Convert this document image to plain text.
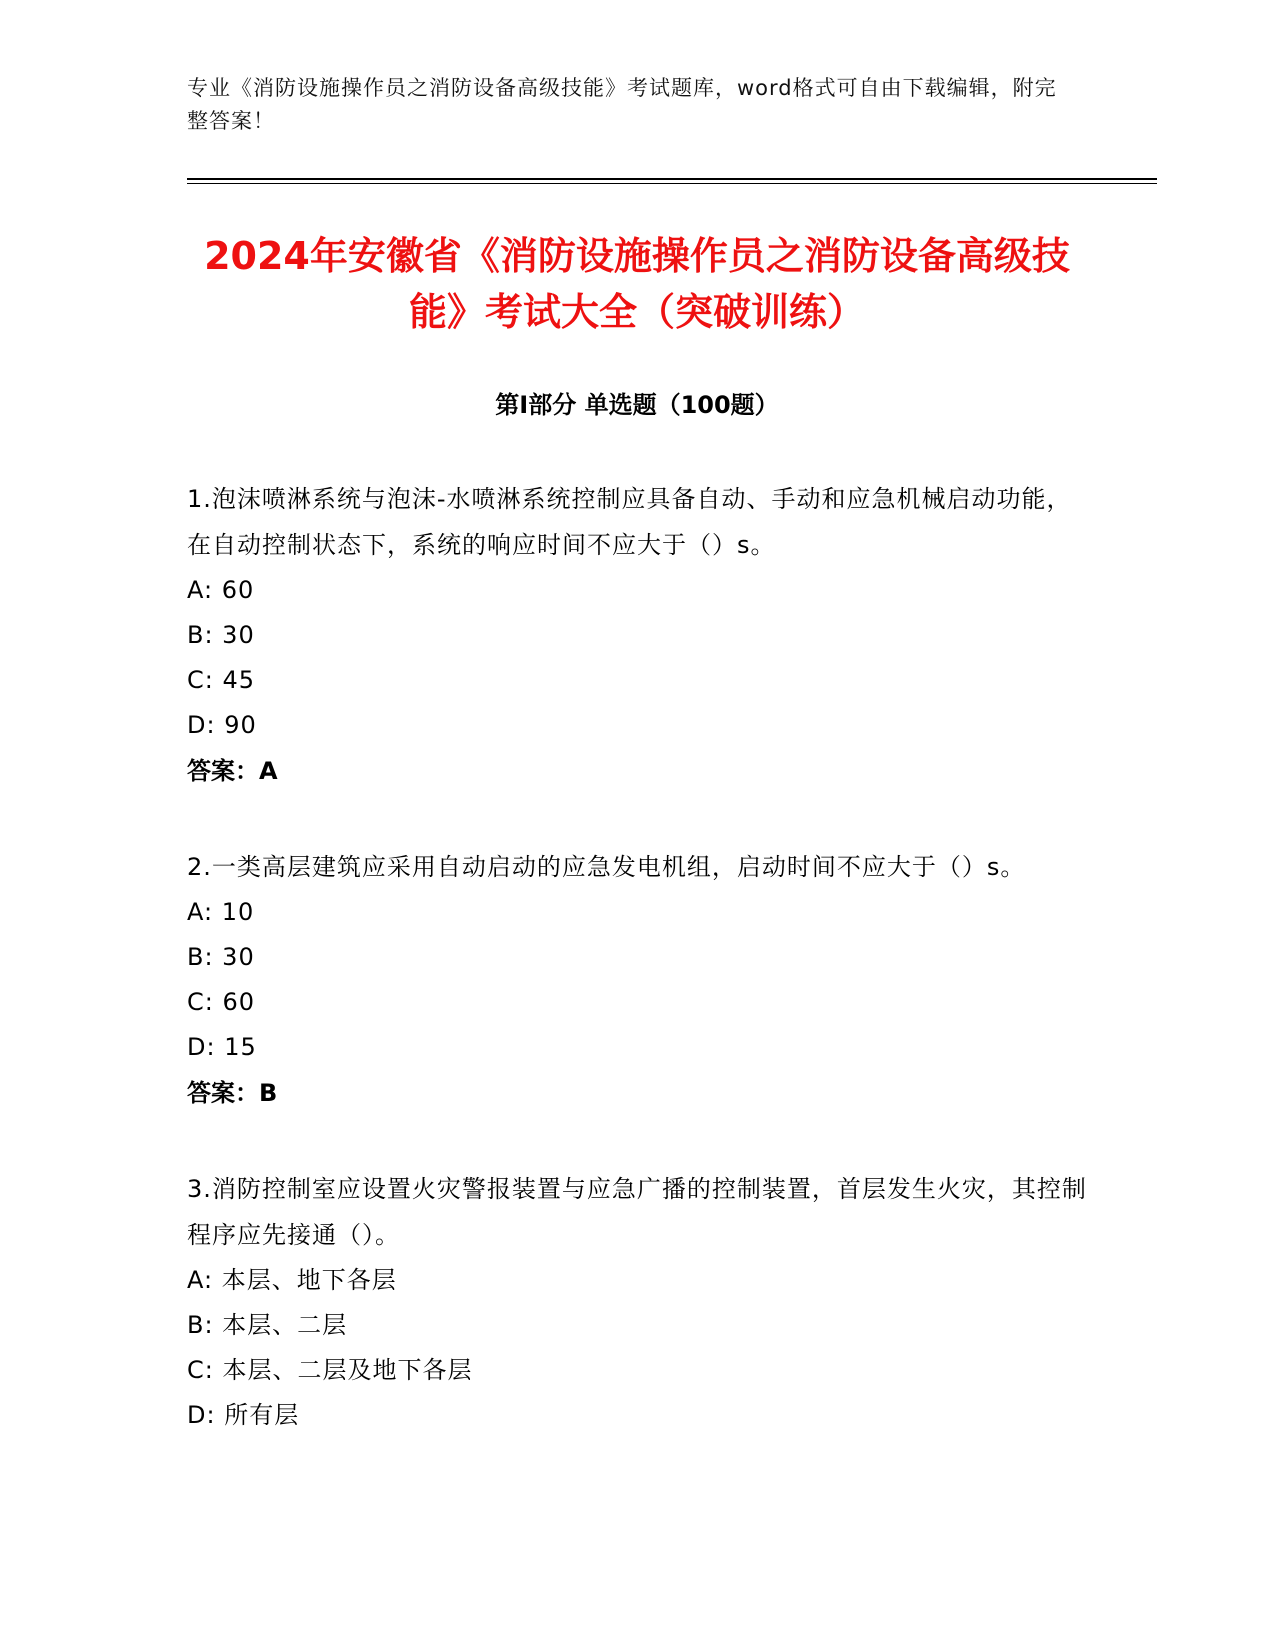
专业《消防设施操作员之消防设备高级技能》考试题库，word格式可自由下载编辑，附完整答案！
2024年安徽省《消防设施操作员之消防设备高级技能》考试大全（突破训练）
第Ⅰ部分 单选题（100题）

1.泡沫喷淋系统与泡沫-水喷淋系统控制应具备自动、手动和应急机械启动功能，在自动控制状态下，系统的响应时间不应大于（）s。

A: 60

B: 30

C: 45

D: 90

答案：A

2.一类高层建筑应采用自动启动的应急发电机组，启动时间不应大于（）s。

A: 10

B: 30

C: 60

D: 15

答案：B

3.消防控制室应设置火灾警报装置与应急广播的控制装置，首层发生火灾，其控制程序应先接通（）。

A: 本层、地下各层

B: 本层、二层

C: 本层、二层及地下各层

D: 所有层
